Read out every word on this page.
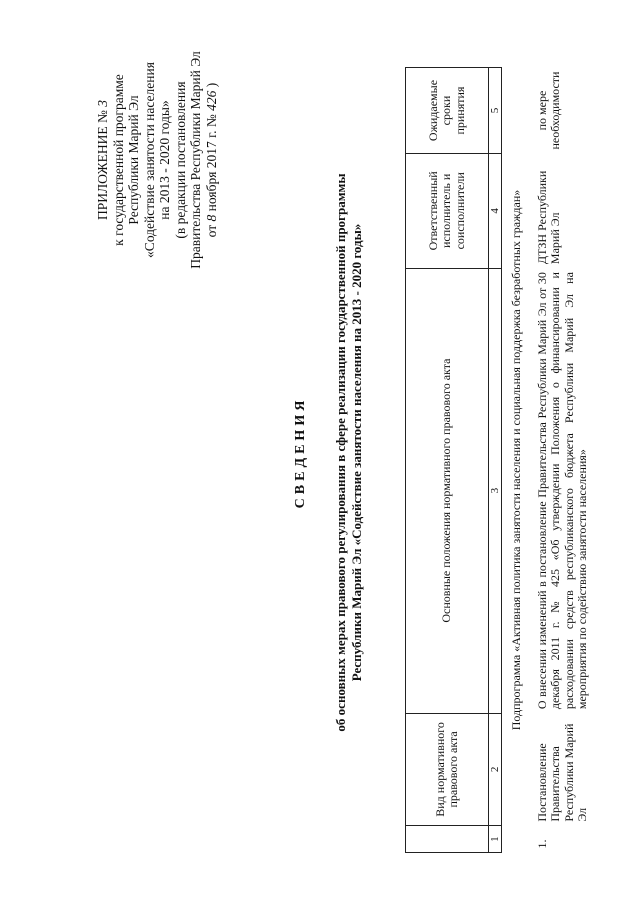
ПРИЛОЖЕНИЕ № 3 к государственной программе Республики Марий Эл «Содействие занятости населения на 2013 - 2020 годы» (в редакции постановления Правительства Республики Марий Эл от 8 ноября 2017 г. № 426 )
СВЕДЕНИЯ об основных мерах правового регулирования в сфере реализации государственной программы Республики Марий Эл «Содействие занятости населения на 2013 - 2020 годы»
	Вид нормативного правового акта	Основные положения нормативного правового акта	Ответственный исполнитель и соисполнители	Ожидаемые сроки принятия
1	2	3	4	5
Подпрограмма «Активная политика занятости населения и социальная поддержка безработных граждан»				
1.	Постановление Правительства Республики Марий Эл	О внесении изменений в постановление Правительства Республики Марий Эл от 30 декабря 2011 г. № 425 «Об утверждении Положения о финансировании и расходовании средств республиканского бюджета Республики Марий Эл на мероприятия по содействию занятости населения»	ДТЗН Республики Марий Эл	по мере необходимости
